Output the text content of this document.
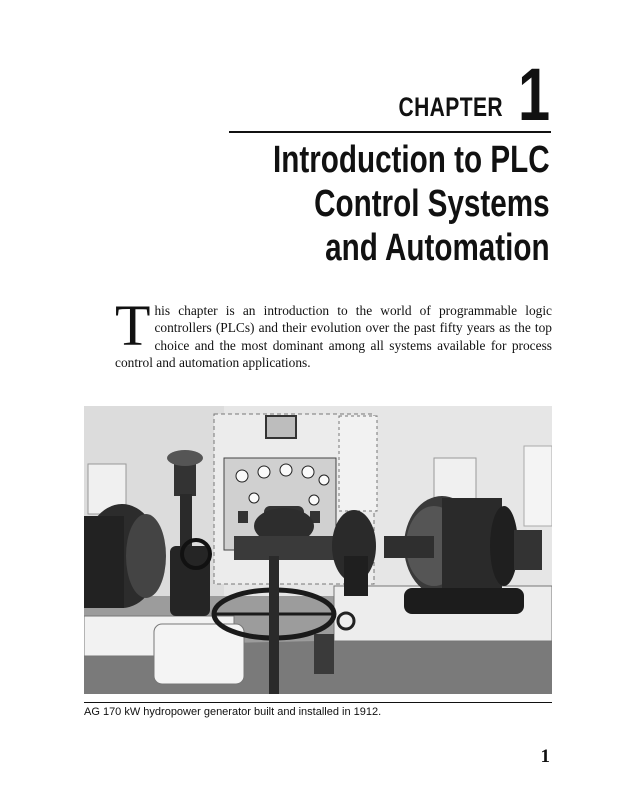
CHAPTER 1
Introduction to PLC
Control Systems
and Automation
This chapter is an introduction to the world of programmable logic controllers (PLCs) and their evolution over the past fifty years as the top choice and the most dominant among all systems available for process control and automation applications.
AG 170 kW hydropower generator built and installed in 1912.
1
